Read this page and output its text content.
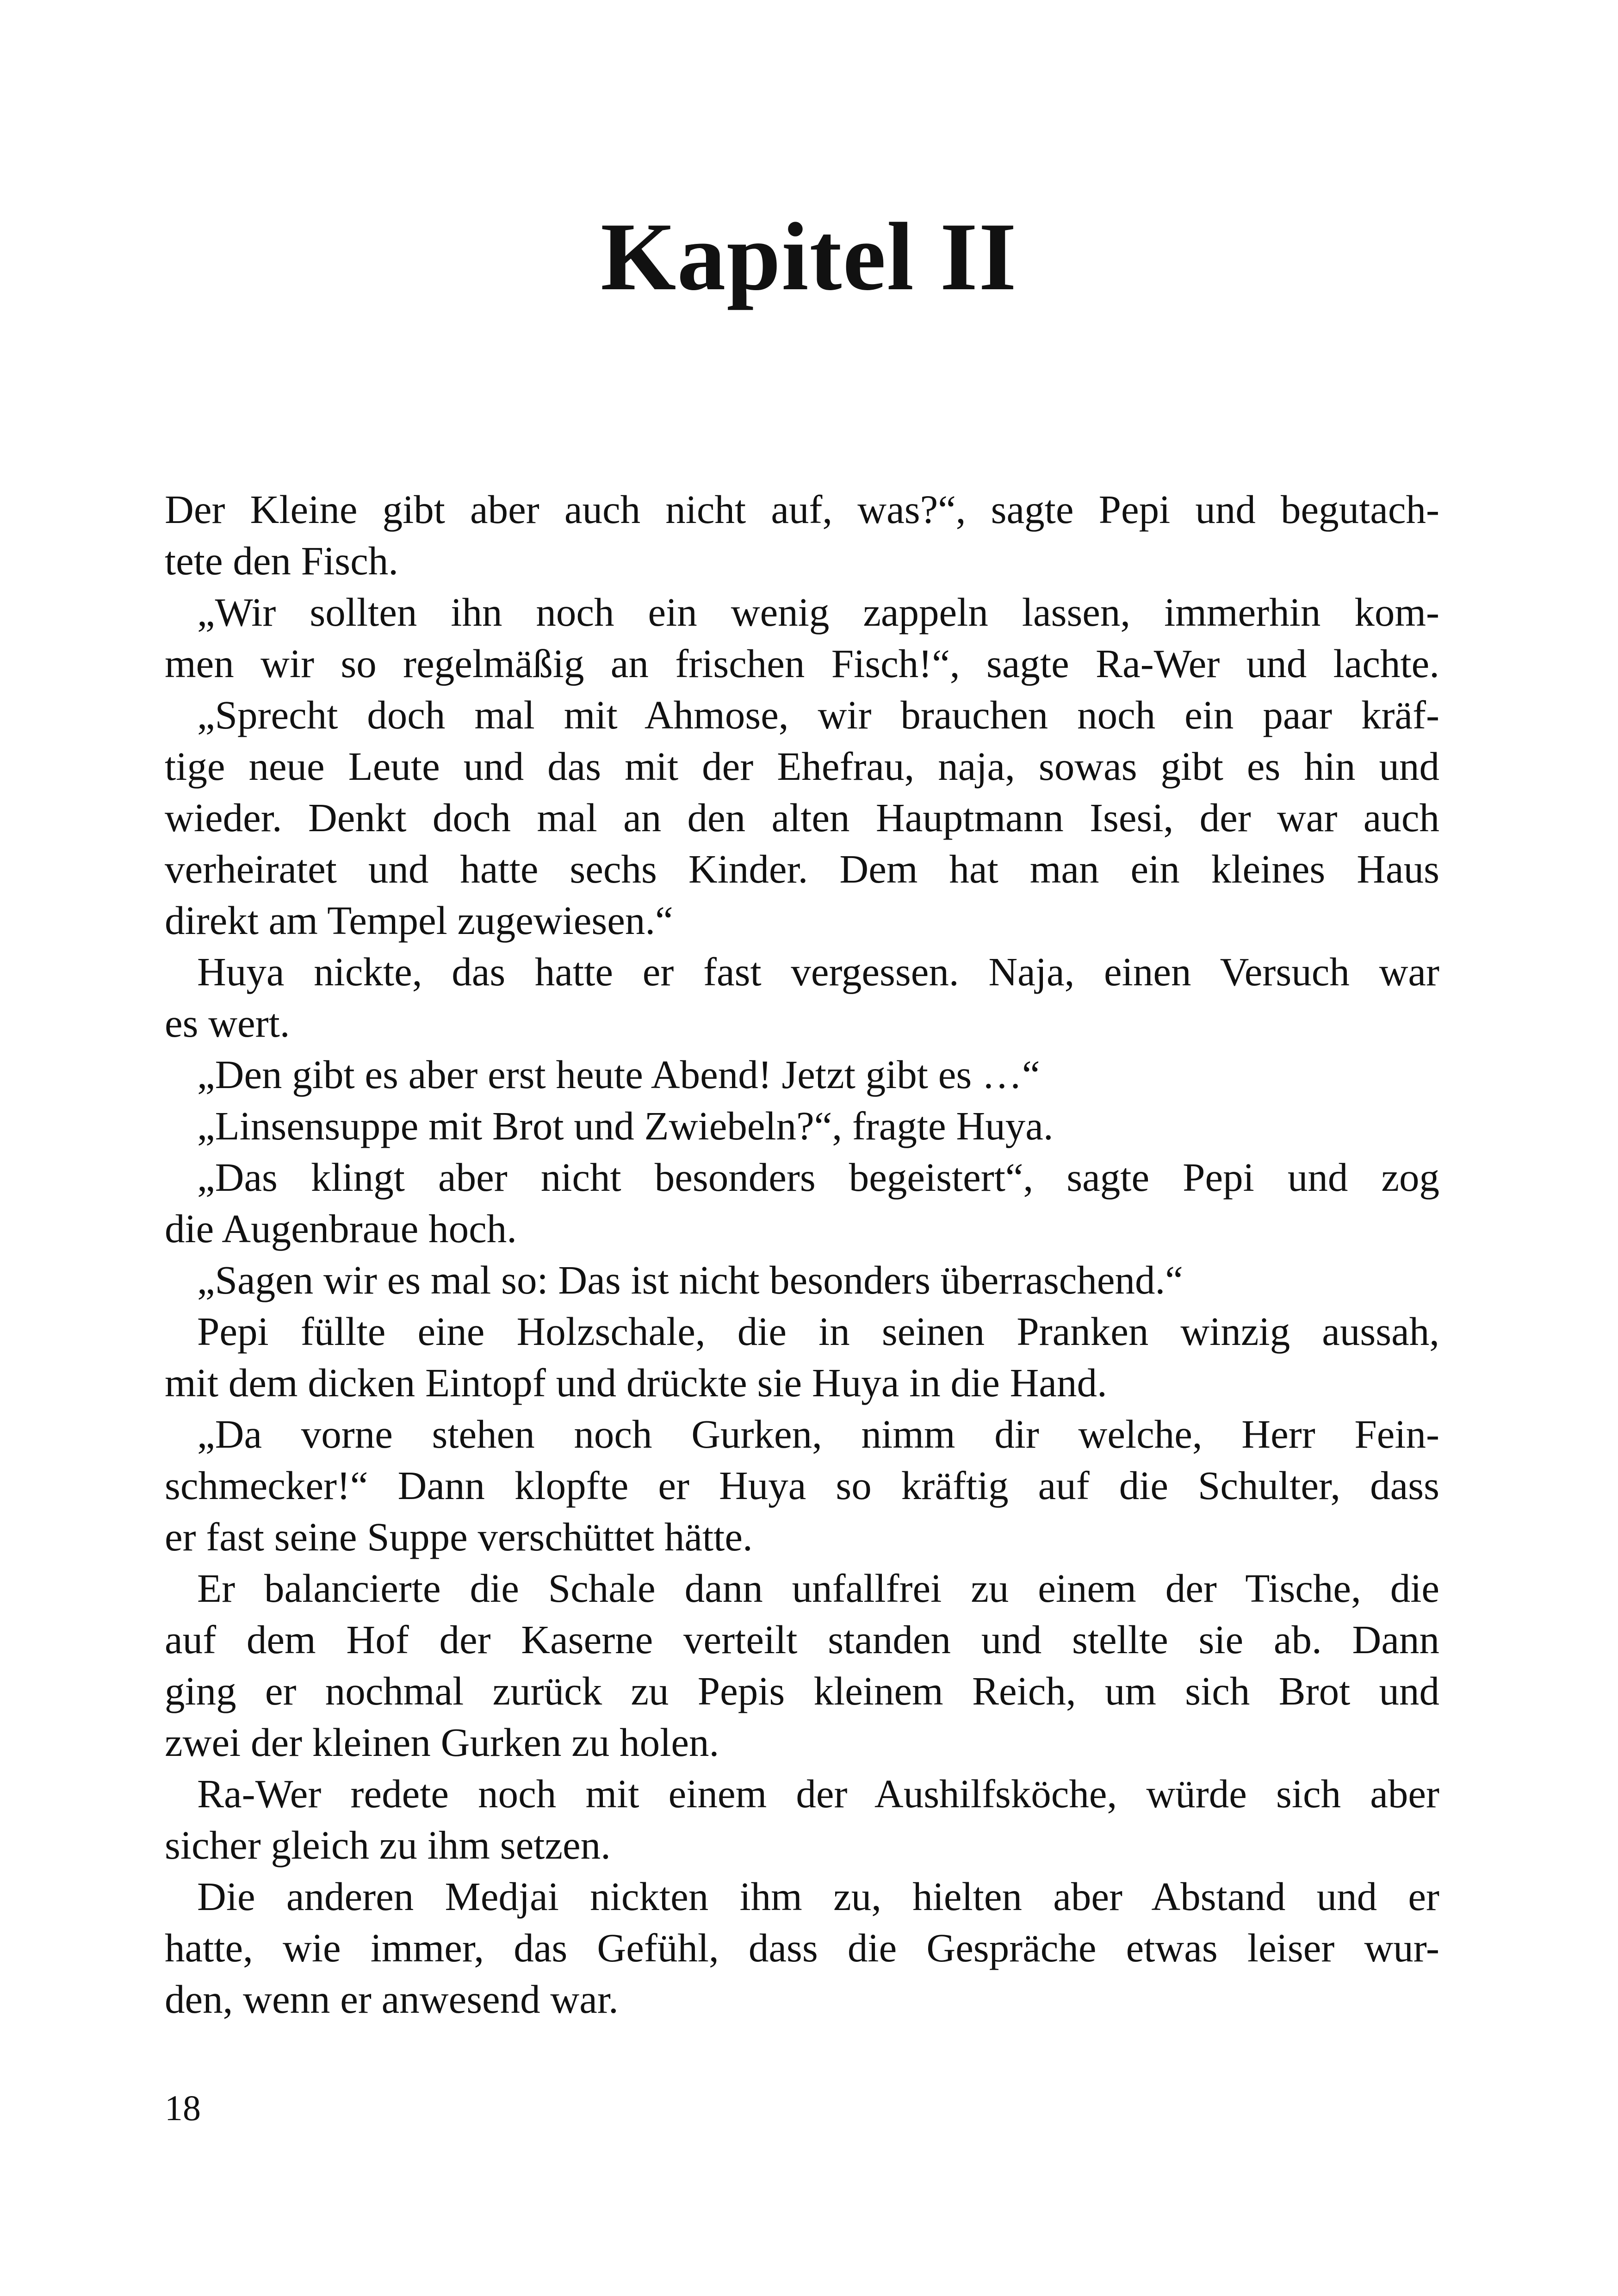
Kapitel II
Der Kleine gibt aber auch nicht auf, was?“, sagte Pepi und begutach-
tete den Fisch.
„Wir sollten ihn noch ein wenig zappeln lassen, immerhin kom-
men wir so regelmäßig an frischen Fisch!“, sagte Ra-Wer und lachte.
„Sprecht doch mal mit Ahmose, wir brauchen noch ein paar kräf-
tige neue Leute und das mit der Ehefrau, naja, sowas gibt es hin und
wieder. Denkt doch mal an den alten Hauptmann Isesi, der war auch
verheiratet und hatte sechs Kinder. Dem hat man ein kleines Haus
direkt am Tempel zugewiesen.“
Huya nickte, das hatte er fast vergessen. Naja, einen Versuch war
es wert.
„Den gibt es aber erst heute Abend! Jetzt gibt es …“
„Linsensuppe mit Brot und Zwiebeln?“, fragte Huya.
„Das klingt aber nicht besonders begeistert“, sagte Pepi und zog
die Augenbraue hoch.
„Sagen wir es mal so: Das ist nicht besonders überraschend.“
Pepi füllte eine Holzschale, die in seinen Pranken winzig aussah,
mit dem dicken Eintopf und drückte sie Huya in die Hand.
„Da vorne stehen noch Gurken, nimm dir welche, Herr Fein-
schmecker!“ Dann klopfte er Huya so kräftig auf die Schulter, dass
er fast seine Suppe verschüttet hätte.
Er balancierte die Schale dann unfallfrei zu einem der Tische, die
auf dem Hof der Kaserne verteilt standen und stellte sie ab. Dann
ging er nochmal zurück zu Pepis kleinem Reich, um sich Brot und
zwei der kleinen Gurken zu holen.
Ra-Wer redete noch mit einem der Aushilfsköche, würde sich aber
sicher gleich zu ihm setzen.
Die anderen Medjai nickten ihm zu, hielten aber Abstand und er
hatte, wie immer, das Gefühl, dass die Gespräche etwas leiser wur-
den, wenn er anwesend war.
18
